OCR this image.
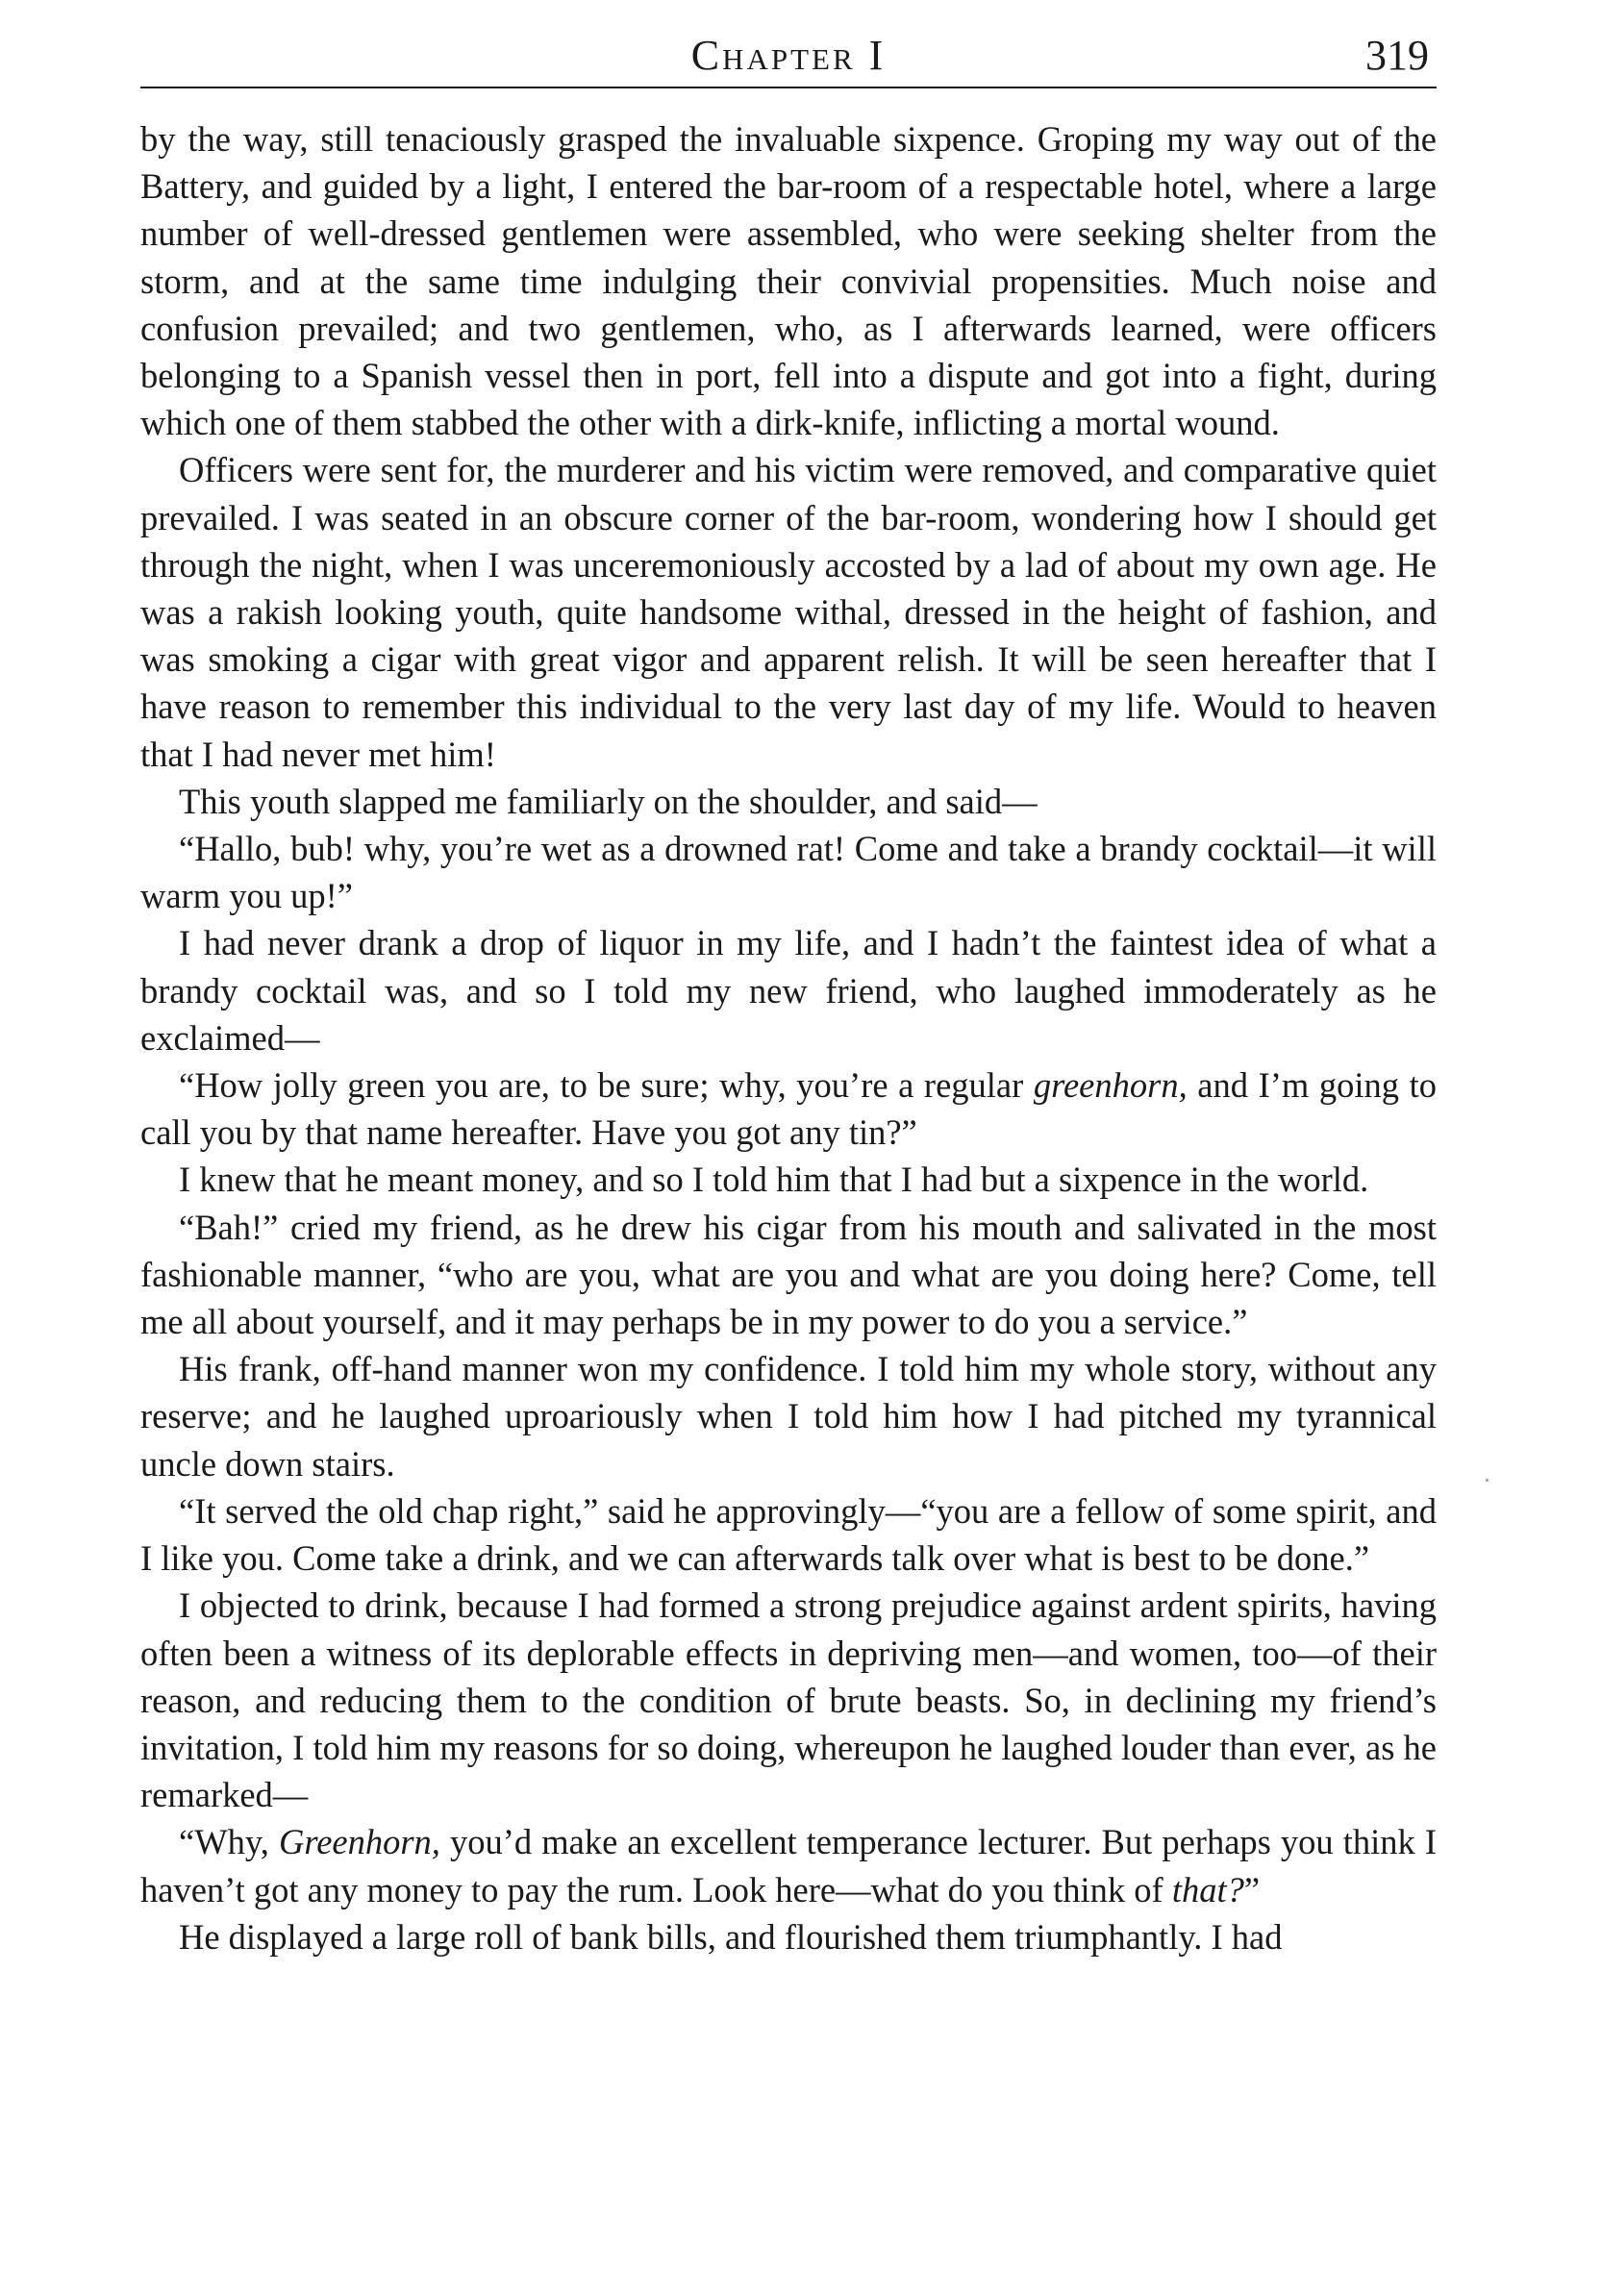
Chapter I	319

by the way, still tenaciously grasped the invaluable sixpence. Groping my way out of the Battery, and guided by a light, I entered the bar-room of a respectable hotel, where a large number of well-dressed gentlemen were assembled, who were seeking shelter from the storm, and at the same time indulging their convivial propensities. Much noise and confusion prevailed; and two gentlemen, who, as I afterwards learned, were officers belonging to a Spanish vessel then in port, fell into a dispute and got into a fight, during which one of them stabbed the other with a dirk-knife, inflicting a mortal wound.

Officers were sent for, the murderer and his victim were removed, and comparative quiet prevailed. I was seated in an obscure corner of the bar-room, wondering how I should get through the night, when I was unceremoniously accosted by a lad of about my own age. He was a rakish looking youth, quite handsome withal, dressed in the height of fashion, and was smoking a cigar with great vigor and apparent relish. It will be seen hereafter that I have reason to remember this individual to the very last day of my life. Would to heaven that I had never met him!

This youth slapped me familiarly on the shoulder, and said—

“Hallo, bub! why, you’re wet as a drowned rat! Come and take a brandy cocktail—it will warm you up!”

I had never drank a drop of liquor in my life, and I hadn’t the faintest idea of what a brandy cocktail was, and so I told my new friend, who laughed immoderately as he exclaimed—

“How jolly green you are, to be sure; why, you’re a regular greenhorn, and I’m going to call you by that name hereafter. Have you got any tin?”

I knew that he meant money, and so I told him that I had but a sixpence in the world.

“Bah!” cried my friend, as he drew his cigar from his mouth and salivated in the most fashionable manner, “who are you, what are you and what are you doing here? Come, tell me all about yourself, and it may perhaps be in my power to do you a service.”

His frank, off-hand manner won my confidence. I told him my whole story, without any reserve; and he laughed uproariously when I told him how I had pitched my tyrannical uncle down stairs.

“It served the old chap right,” said he approvingly—“you are a fellow of some spirit, and I like you. Come take a drink, and we can afterwards talk over what is best to be done.”

I objected to drink, because I had formed a strong prejudice against ardent spirits, having often been a witness of its deplorable effects in depriving men—and women, too—of their reason, and reducing them to the condition of brute beasts. So, in declining my friend’s invitation, I told him my reasons for so doing, whereupon he laughed louder than ever, as he remarked—

“Why, Greenhorn, you’d make an excellent temperance lecturer. But perhaps you think I haven’t got any money to pay the rum. Look here—what do you think of that?”

He displayed a large roll of bank bills, and flourished them triumphantly. I had
